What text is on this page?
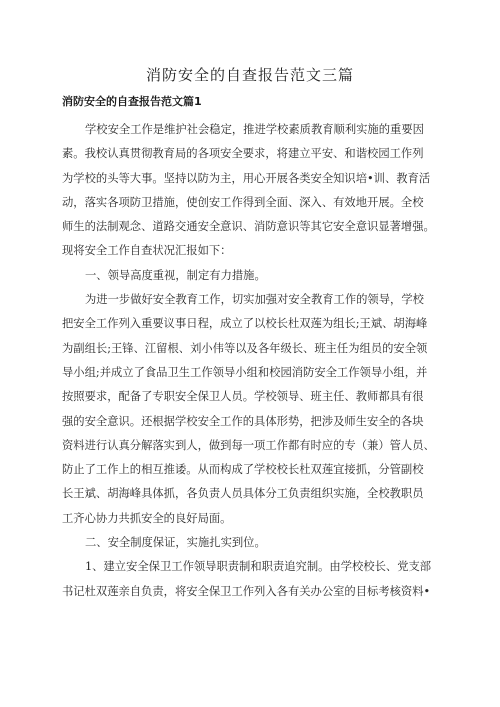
消防安全的自查报告范文三篇
消防安全的自查报告范文篇1
学校安全工作是维护社会稳定，推进学校素质教育顺利实施的重要因
素。我校认真贯彻教育局的各项安全要求，将建立平安、和谐校园工作列
为学校的头等大事。坚持以防为主，用心开展各类安全知识培•训、教育活
动，落实各项防卫措施，使创安工作得到全面、深入、有效地开展。全校
师生的法制观念、道路交通安全意识、消防意识等其它安全意识显著增强。
现将安全工作自查状况汇报如下：
一、领导高度重视，制定有力措施。
为进一步做好安全教育工作，切实加强对安全教育工作的领导，学校
把安全工作列入重要议事日程，成立了以校长杜双莲为组长;王斌、胡海峰
为副组长;王锋、江留根、刘小伟等以及各年级长、班主任为组员的安全领
导小组;并成立了食品卫生工作领导小组和校园消防安全工作领导小组，并
按照要求，配备了专职安全保卫人员。学校领导、班主任、教师都具有很
强的安全意识。还根据学校安全工作的具体形势，把涉及师生安全的各块
资料进行认真分解落实到人，做到每一项工作都有时应的专（兼）管人员、
防止了工作上的相互推诿。从而构成了学校校长杜双莲宜接抓，分管副校
长王斌、胡海峰具体抓，各负责人员具体分工负责组织实施，全校教职员
工齐心协力共抓安全的良好局面。
二、安全制度保证，实施扎实到位。
1、建立安全保卫工作领导职责制和职责追究制。由学校校长、党支部
书记杜双莲亲自负责，将安全保卫工作列入各有关办公室的目标考核资料•
